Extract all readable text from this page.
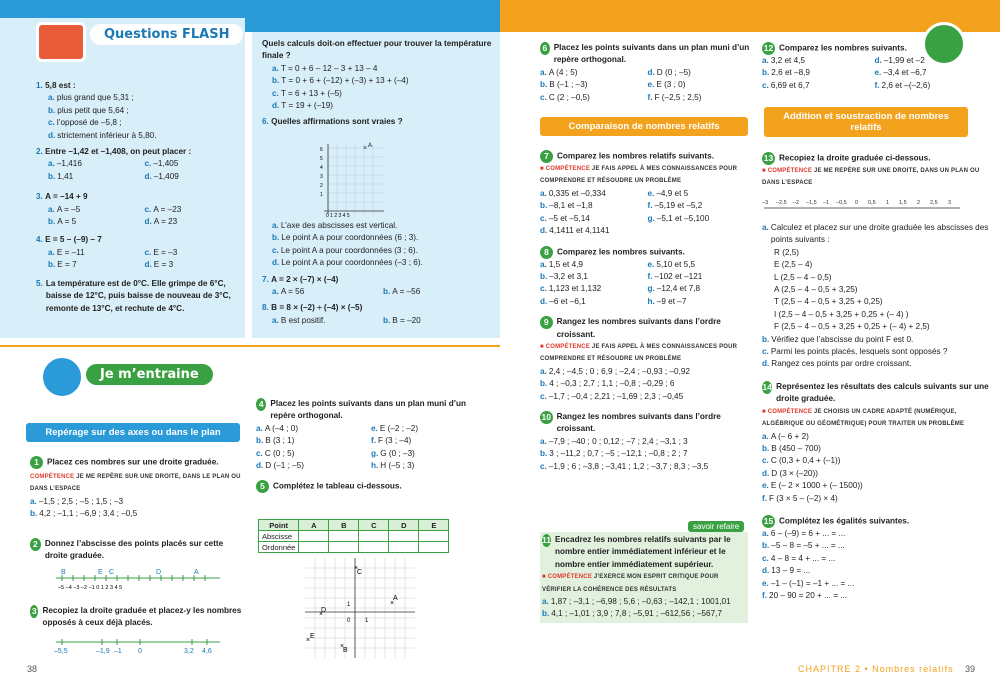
Questions FLASH
1. 5,8 est :
a. plus grand que 5,31 ;
b. plus petit que 5,64 ;
c. l’opposé de –5,8 ;
d. strictement inférieur à 5,80.
2. Entre –1,42 et –1,408, on peut placer :
a. –1,416	c. –1,405
b. 1,41	d. –1,409
3. A = –14 + 9
a. A = –5	c. A = –23
b. A = 5	d. A = 23
4. E = 5 – (–9) – 7
a. E = –11	c. E = –3
b. E = 7	d. E = 3
5. La température est de 0°C. Elle grimpe de 6°C, baisse de 12°C, puis baisse de nouveau de 3°C, remonte de 13°C, et rechute de 4°C.
Quels calculs doit-on effectuer pour trouver la température finale ?
a. T = 0 + 6 – 12 – 3 + 13 – 4
b. T = 0 + 6 + (–12) + (–3) + 13 + (–4)
c. T = 6 + 13 + (–5)
d. T = 19 + (–19)
6. Quelles affirmations sont vraies ?
× A
6
5
4
3
2
1
0 1 2 3 4 5
a. L’axe des abscisses est vertical.
b. Le point A a pour coordonnées (6 ; 3).
c. Le point A a pour coordonnées (3 ; 6).
d. Le point A a pour coordonnées (–3 ; 6).
7. A = 2 × (–7) × (–4)
a. A = 56	b. A = –56
8. B = 8 × (–2) ÷ (–4) × (–5)
a. B est positif.	b. B = –20
Je m’entraine
Repérage sur des axes ou dans le plan
1 Placez ces nombres sur une droite graduée.
COMPÉTENCE JE ME REPÈRE SUR UNE DROITE, DANS LE PLAN OU DANS L’ESPACE
a. –1,5 ; 2,5 ; –5 ; 1,5 ; –3
b. 4,2 ; –1,1 ; –6,9 ; 3,4 ; –0,5
2 Donnez l’abscisse des points placés sur cette droite graduée.
B	E C	D	A
–5 –4 –3 –2 –1 0 1 2 3 4 5
3 Recopiez la droite graduée et placez-y les nombres opposés à ceux déjà placés.
–5,5	–1,9 –1 0	3,2 4,6
4 Placez les points suivants dans un plan muni d’un repère orthogonal.
a. A (–4 ; 0)	e. E (–2 ; –2)
b. B (3 ; 1)	f. F (3 ; –4)
c. C (0 ; 5)	g. G (0 ; –3)
d. D (–1 ; –5)	h. H (–5 ; 3)
5 Complétez le tableau ci-dessous.
Point	A	B	C	D	E
Abscisse					
Ordonnée					
C
×
A
×
D
×
E
×
B
×
0 1
1
38
6 Placez les points suivants dans un plan muni d’un repère orthogonal.
a. A (4 ; 5)	d. D (0 ; –5)
b. B (–1 ; –3)	e. E (3 ; 0)
c. C (2 ; –0,5)	f. F (–2,5 ; 2,5)
Comparaison de nombres relatifs
7 Comparez les nombres relatifs suivants.
■ COMPÉTENCE JE FAIS APPEL À MES CONNAISSANCES POUR COMPRENDRE ET RÉSOUDRE UN PROBLÈME
a. 0,335 et –0,334	e. –4,9 et 5
b. –8,1 et –1,8	f. –5,19 et –5,2
c. –5 et –5,14	g. –5,1 et –5,100
d. 4,1411 et 4,1141
8 Comparez les nombres suivants.
a. 1,5 et 4,9	e. 5,10 et 5,5
b. –3,2 et 3,1	f. –102 et –121
c. 1,123 et 1,132	g. –12,4 et 7,8
d. –6 et –6,1	h. –9 et –7
9 Rangez les nombres suivants dans l’ordre croissant.
■ COMPÉTENCE JE FAIS APPEL À MES CONNAISSANCES POUR COMPRENDRE ET RÉSOUDRE UN PROBLÈME
a. 2,4 ; –4,5 ; 0 ; 6,9 ; –2,4 ; –0,93 ; –0,92
b. 4 ; –0,3 ; 2,7 ; 1,1 ; –0,8 ; –0,29 ; 6
c. –1,7 ; –0,4 ; 2,21 ; –1,69 ; 2,3 ; –0,45
10 Rangez les nombres suivants dans l’ordre croissant.
a. –7,9 ; –40 ; 0 ; 0,12 ; –7 ; 2,4 ; –3,1 ; 3
b. 3 ; –11,2 ; 0,7 ; –5 ; –12,1 ; –0,8 ; 2 ; 7
c. –1,9 ; 6 ; –3,8 ; –3,41 ; 1,2 ; –3,7 ; 8,3 ; –3,5
savoir refaire
11 Encadrez les nombres relatifs suivants par le nombre entier immédiatement inférieur et le nombre entier immédiatement supérieur.
■ COMPÉTENCE J’EXERCE MON ESPRIT CRITIQUE POUR VÉRIFIER LA COHÉRENCE DES RÉSULTATS
a. 1,87 ; –3,1 ; –6,98 ; 5,6 ; –0,63 ; –142,1 ; 1001,01
b. 4,1 ; –1,01 ; 3,9 ; 7,8 ; –5,91 ; –612,56 ; –567,7
12 Comparez les nombres suivants.
a. 3,2 et 4,5	d. –1,99 et –2
b. 2,6 et –8,9	e. –3,4 et –6,7
c. 6,69 et 6,7	f. 2,6 et –(–2,6)
Addition et soustraction de nombres relatifs
13 Recopiez la droite graduée ci-dessous.
■ COMPÉTENCE JE ME REPÈRE SUR UNE DROITE, DANS UN PLAN OU DANS L’ESPACE
–3 –2,5 –2 –1,5 –1 –0,5 0 0,5 1 1,5 2 2,5 3
a. Calculez et placez sur une droite graduée les abscisses des points suivants :
R (2,5)
E (2,5 – 4)
L (2,5 – 4 – 0,5)
A (2,5 – 4 – 0,5 + 3,25)
T (2,5 – 4 – 0,5 + 3,25 + 0,25)
I (2,5 – 4 – 0,5 + 3,25 + 0,25 + (– 4) )
F (2,5 – 4 – 0,5 + 3,25 + 0,25 + (– 4) + 2,5)
b. Vérifiez que l’abscisse du point F est 0.
c. Parmi les points placés, lesquels sont opposés ?
d. Rangez ces points par ordre croissant.
14 Représentez les résultats des calculs suivants sur une droite graduée.
■ COMPÉTENCE JE CHOISIS UN CADRE ADAPTÉ (NUMÉRIQUE, ALGÉBRIQUE OU GÉOMÉTRIQUE) POUR TRAITER UN PROBLÈME
a. A (– 6 + 2)
b. B (450 – 700)
c. C (0,3 + 0,4 + (–1))
d. D (3 × (–20))
e. E (– 2 × 1000 + (– 1500))
f. F (3 × 5 – (–2) × 4)
15 Complétez les égalités suivantes.
a. 6 – (–9) = 6 + ... = ...
b. –5 – 8 = –5 + ... = ...
c. 4 – 8 = 4 + ... = ...
d. 13 – 9 = ...
e. –1 – (–1) = –1 + ... = ...
f. 20 – 90 = 20 + ... = ...
CHAPITRE 2 • Nombres relatifs 39
